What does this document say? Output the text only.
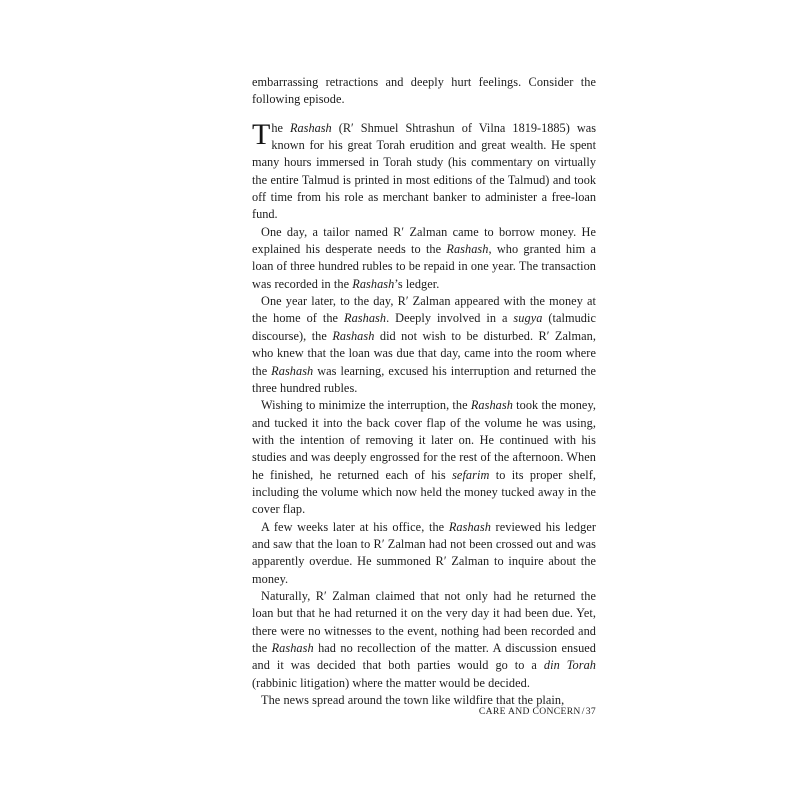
embarrassing retractions and deeply hurt feelings. Consider the following episode.

The Rashash (R′ Shmuel Shtrashun of Vilna 1819-1885) was known for his great Torah erudition and great wealth. He spent many hours immersed in Torah study (his commentary on virtually the entire Talmud is printed in most editions of the Talmud) and took off time from his role as merchant banker to administer a free-loan fund.

One day, a tailor named R′ Zalman came to borrow money. He explained his desperate needs to the Rashash, who granted him a loan of three hundred rubles to be repaid in one year. The transaction was recorded in the Rashash’s ledger.

One year later, to the day, R′ Zalman appeared with the money at the home of the Rashash. Deeply involved in a sugya (talmudic discourse), the Rashash did not wish to be disturbed. R′ Zalman, who knew that the loan was due that day, came into the room where the Rashash was learning, excused his interruption and returned the three hundred rubles.

Wishing to minimize the interruption, the Rashash took the money, and tucked it into the back cover flap of the volume he was using, with the intention of removing it later on. He continued with his studies and was deeply engrossed for the rest of the afternoon. When he finished, he returned each of his sefarim to its proper shelf, including the volume which now held the money tucked away in the cover flap.

A few weeks later at his office, the Rashash reviewed his ledger and saw that the loan to R′ Zalman had not been crossed out and was apparently overdue. He summoned R′ Zalman to inquire about the money.

Naturally, R′ Zalman claimed that not only had he returned the loan but that he had returned it on the very day it had been due. Yet, there were no witnesses to the event, nothing had been recorded and the Rashash had no recollection of the matter. A discussion ensued and it was decided that both parties would go to a din Torah (rabbinic litigation) where the matter would be decided.

The news spread around the town like wildfire that the plain,

CARE AND CONCERN/37
